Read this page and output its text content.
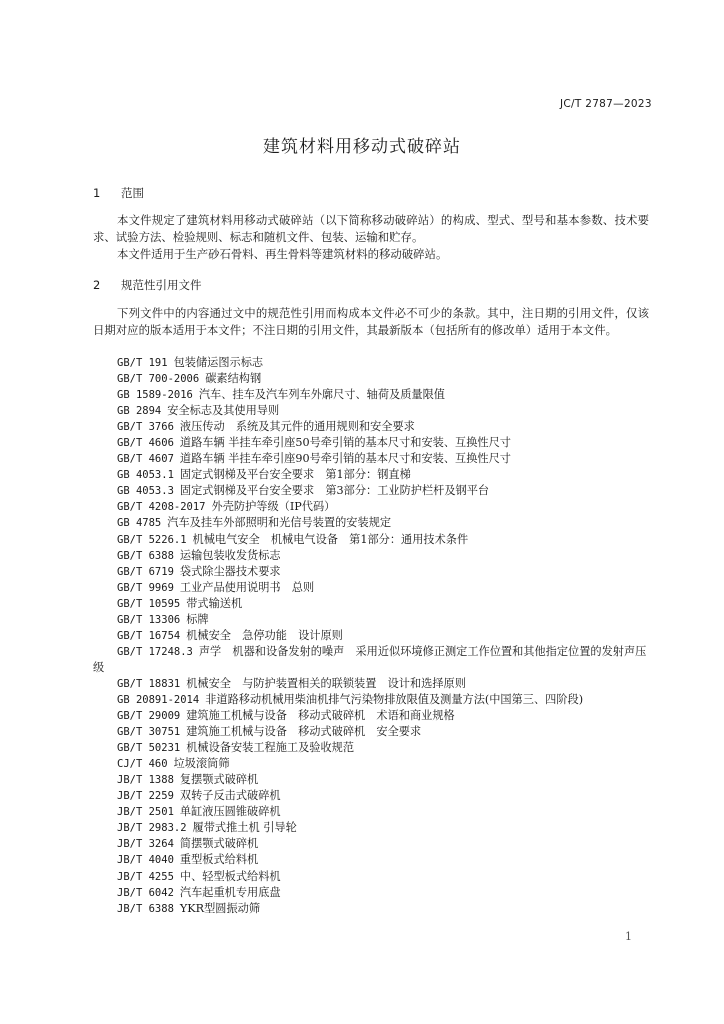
JC/T 2787—2023
建筑材料用移动式破碎站
1 范围

本文件规定了建筑材料用移动式破碎站（以下简称移动破碎站）的构成、型式、型号和基本参数、技术要求、试验方法、检验规则、标志和随机文件、包装、运输和贮存。

本文件适用于生产砂石骨料、再生骨料等建筑材料的移动破碎站。

2 规范性引用文件

下列文件中的内容通过文中的规范性引用而构成本文件必不可少的条款。其中，注日期的引用文件，仅该日期对应的版本适用于本文件；不注日期的引用文件，其最新版本（包括所有的修改单）适用于本文件。

GB/T 191 包装储运图示标志
GB/T 700-2006 碳素结构钢
GB 1589-2016 汽车、挂车及汽车列车外廓尺寸、轴荷及质量限值
GB 2894 安全标志及其使用导则
GB/T 3766 液压传动　系统及其元件的通用规则和安全要求
GB/T 4606 道路车辆 半挂车牵引座50号牵引销的基本尺寸和安装、互换性尺寸
GB/T 4607 道路车辆 半挂车牵引座90号牵引销的基本尺寸和安装、互换性尺寸
GB 4053.1 固定式钢梯及平台安全要求　第1部分：钢直梯
GB 4053.3 固定式钢梯及平台安全要求　第3部分：工业防护栏杆及钢平台
GB/T 4208-2017 外壳防护等级（IP代码）
GB 4785 汽车及挂车外部照明和光信号装置的安装规定
GB/T 5226.1 机械电气安全　机械电气设备　第1部分：通用技术条件
GB/T 6388 运输包装收发货标志
GB/T 6719 袋式除尘器技术要求
GB/T 9969 工业产品使用说明书　总则
GB/T 10595 带式输送机
GB/T 13306 标牌
GB/T 16754 机械安全　急停功能　设计原则
GB/T 17248.3 声学　机器和设备发射的噪声　采用近似环境修正测定工作位置和其他指定位置的发射声压级
GB/T 18831 机械安全　与防护装置相关的联锁装置　设计和选择原则
GB 20891-2014 非道路移动机械用柴油机排气污染物排放限值及测量方法(中国第三、四阶段)
GB/T 29009 建筑施工机械与设备　移动式破碎机　术语和商业规格
GB/T 30751 建筑施工机械与设备　移动式破碎机　安全要求
GB/T 50231 机械设备安装工程施工及验收规范
CJ/T 460 垃圾滚筒筛
JB/T 1388 复摆颚式破碎机
JB/T 2259 双转子反击式破碎机
JB/T 2501 单缸液压圆锥破碎机
JB/T 2983.2 履带式推土机 引导轮
JB/T 3264 简摆颚式破碎机
JB/T 4040 重型板式给料机
JB/T 4255 中、轻型板式给料机
JB/T 6042 汽车起重机专用底盘
JB/T 6388 YKR型圆振动筛
1
